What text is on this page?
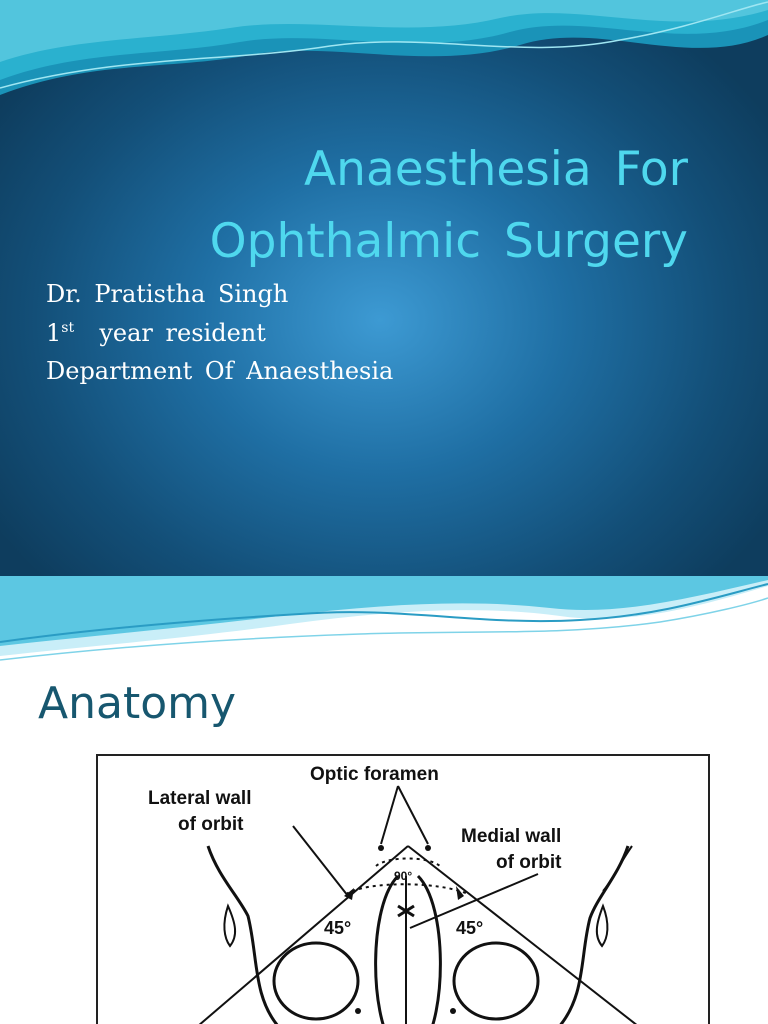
Anaesthesia For
Ophthalmic Surgery
Dr. Pratistha Singh
1st year resident
Department Of Anaesthesia
Anatomy
Optic foramen
Lateral wall
of orbit
Medial wall
of orbit
90°
45°	45°
